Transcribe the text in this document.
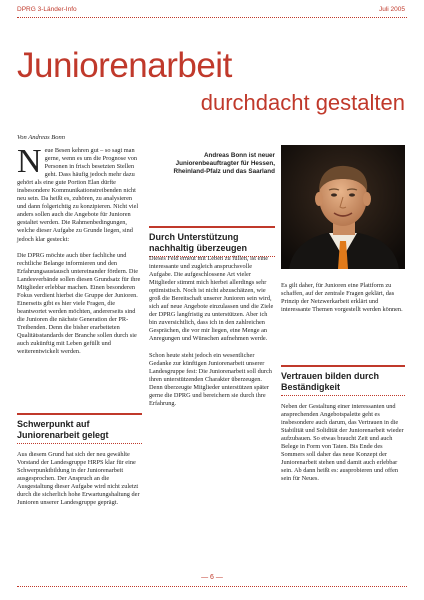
DPRG 3-Länder-Info	Juli 2005
Juniorenarbeit
durchdacht gestalten
Von Andreas Bonn

Neue Besen kehren gut – so sagt man gerne, wenn es um die Prognose von Personen in frisch besetzten Stellen geht. Dass häufig jedoch mehr dazu gehört als eine gute Portion Elan dürfte insbesondere Kommunikationstreibenden nicht neu sein. Da heißt es, zuhören, zu analysieren und dann folgerichtig zu konzipieren. Nicht viel anders sollen auch die Angebote für Junioren gestaltet werden. Die Rahmenbedingungen, welche dieser Aufgabe zu Grunde liegen, sind jedoch klar gesteckt:

Die DPRG möchte auch über fachliche und rechtliche Belange informieren und den Erfahrungsaustausch untereinander fördern. Die Landesverbände sollen diesen Grundsatz für ihre Mitglieder erlebbar machen. Einen besonderen Fokus verdient hierbei die Gruppe der Junioren. Einerseits gibt es hier viele Fragen, die beantwortet werden möchten, andererseits sind die Junioren die nächste Generation der PR-Treibenden. Denn die bisher erarbeiteten Qualitätsstandards der Branche sollen durch sie auch zukünftig mit Leben gefüllt und weiterentwickelt werden.

Schwerpunkt auf Juniorenarbeit gelegt
Aus diesem Grund hat sich der neu gewählte Vorstand der Landesgruppe HRPS klar für eine Schwerpunktbildung in der Juniorenarbeit ausgesprochen. Der Anspruch an die Ausgestaltung dieser Aufgabe wird nicht zuletzt durch die sicherlich hohe Erwartungshaltung der Junioren unserer Landesgruppe geprägt.
Andreas Bonn ist neuer Juniorenbeauftragter für Hessen, Rheinland-Pfalz und das Saarland
Durch Unterstützung nachhaltig überzeugen

Dieses Feld erneut mit Leben zu füllen, ist eine interessante und zugleich anspruchsvolle Aufgabe. Die aufgeschlossene Art vieler Mitglieder stimmt mich hierbei allerdings sehr optimistisch. Noch ist nicht abzuschätzen, wie groß die Bereitschaft unserer Junioren sein wird, sich auf neue Angebote einzulassen und die Ziele der DPRG langfristig zu unterstützen. Aber ich bin zuversichtlich, dass ich in den zahlreichen Gesprächen, die vor mir liegen, eine Menge an Anregungen und Wünschen aufnehmen werde.

Schon heute steht jedoch ein wesentlicher Gedanke zur künftigen Juniorenarbeit unserer Landesgruppe fest: Die Juniorenarbeit soll durch ihren unterstützenden Charakter überzeugen. Denn überzeugte Mitglieder unterstützen später gerne die DPRG und bereichern sie durch ihre Erfahrung.

Es gilt daher, für Junioren eine Plattform zu schaffen, auf der zentrale Fragen geklärt, das Prinzip der Netzwerkarbeit erklärt und interessante Themen vorgestellt werden können.

Vertrauen bilden durch Beständigkeit
Neben der Gestaltung einer interessanten und ansprechenden Angebotspalette geht es insbesondere auch darum, das Vertrauen in die Stabilität und Solidität der Juniorenarbeit wieder aufzubauen. So etwas braucht Zeit und auch Belege in Form von Taten. Bis Ende des Sommers soll daher das neue Konzept der Juniorenarbeit stehen und damit auch erlebbar sein. Ab dann heißt es: ausprobieren und offen sein für Neues.
— 6 —
